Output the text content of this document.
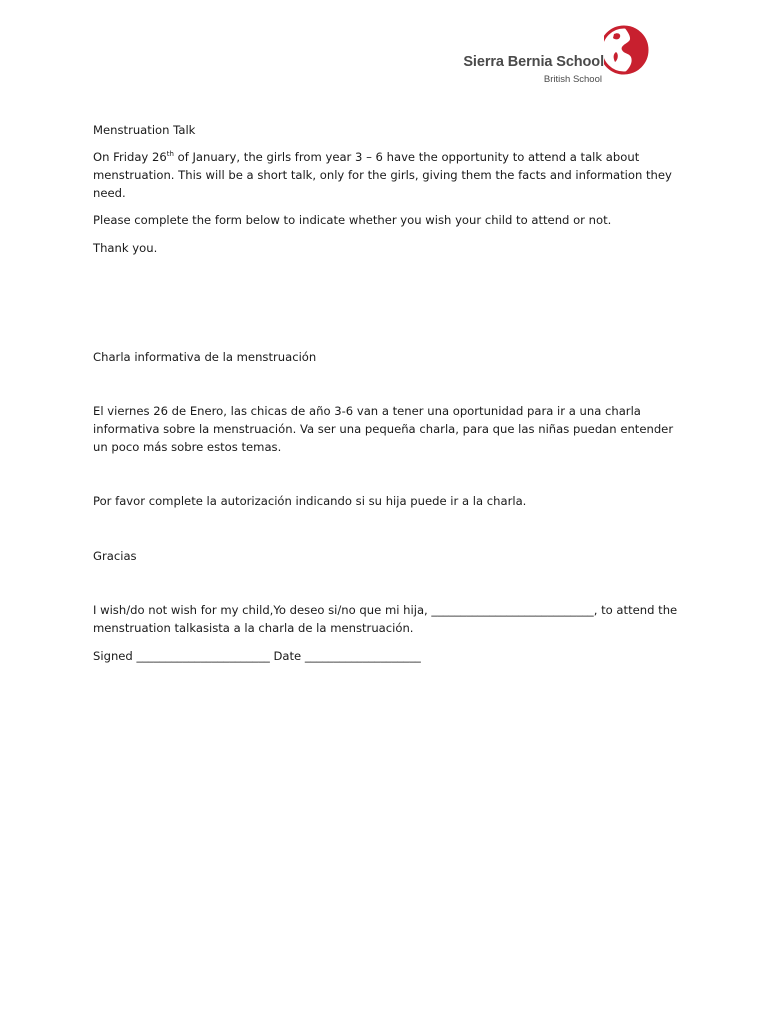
Sierra Bernia School
British School

Menstruation Talk

On Friday 26th of January, the girls from year 3 – 6 have the opportunity to attend a talk about menstruation. This will be a short talk, only for the girls, giving them the facts and information they need.

Please complete the form below to indicate whether you wish your child to attend or not.

Thank you.

Charla informativa de la menstruación

El viernes 26 de Enero, las chicas de año 3-6 van a tener una oportunidad para ir a una charla informativa sobre la menstruación. Va ser una pequeña charla, para que las niñas puedan entender un poco más sobre estos temas.

Por favor complete la autorización indicando si su hija puede ir a la charla.

Gracias

I wish/do not wish for my child,Yo deseo si/no que mi hija, ____________________________, to attend the menstruation talkasista a la charla de la menstruación.

Signed _______________________ Date ____________________
